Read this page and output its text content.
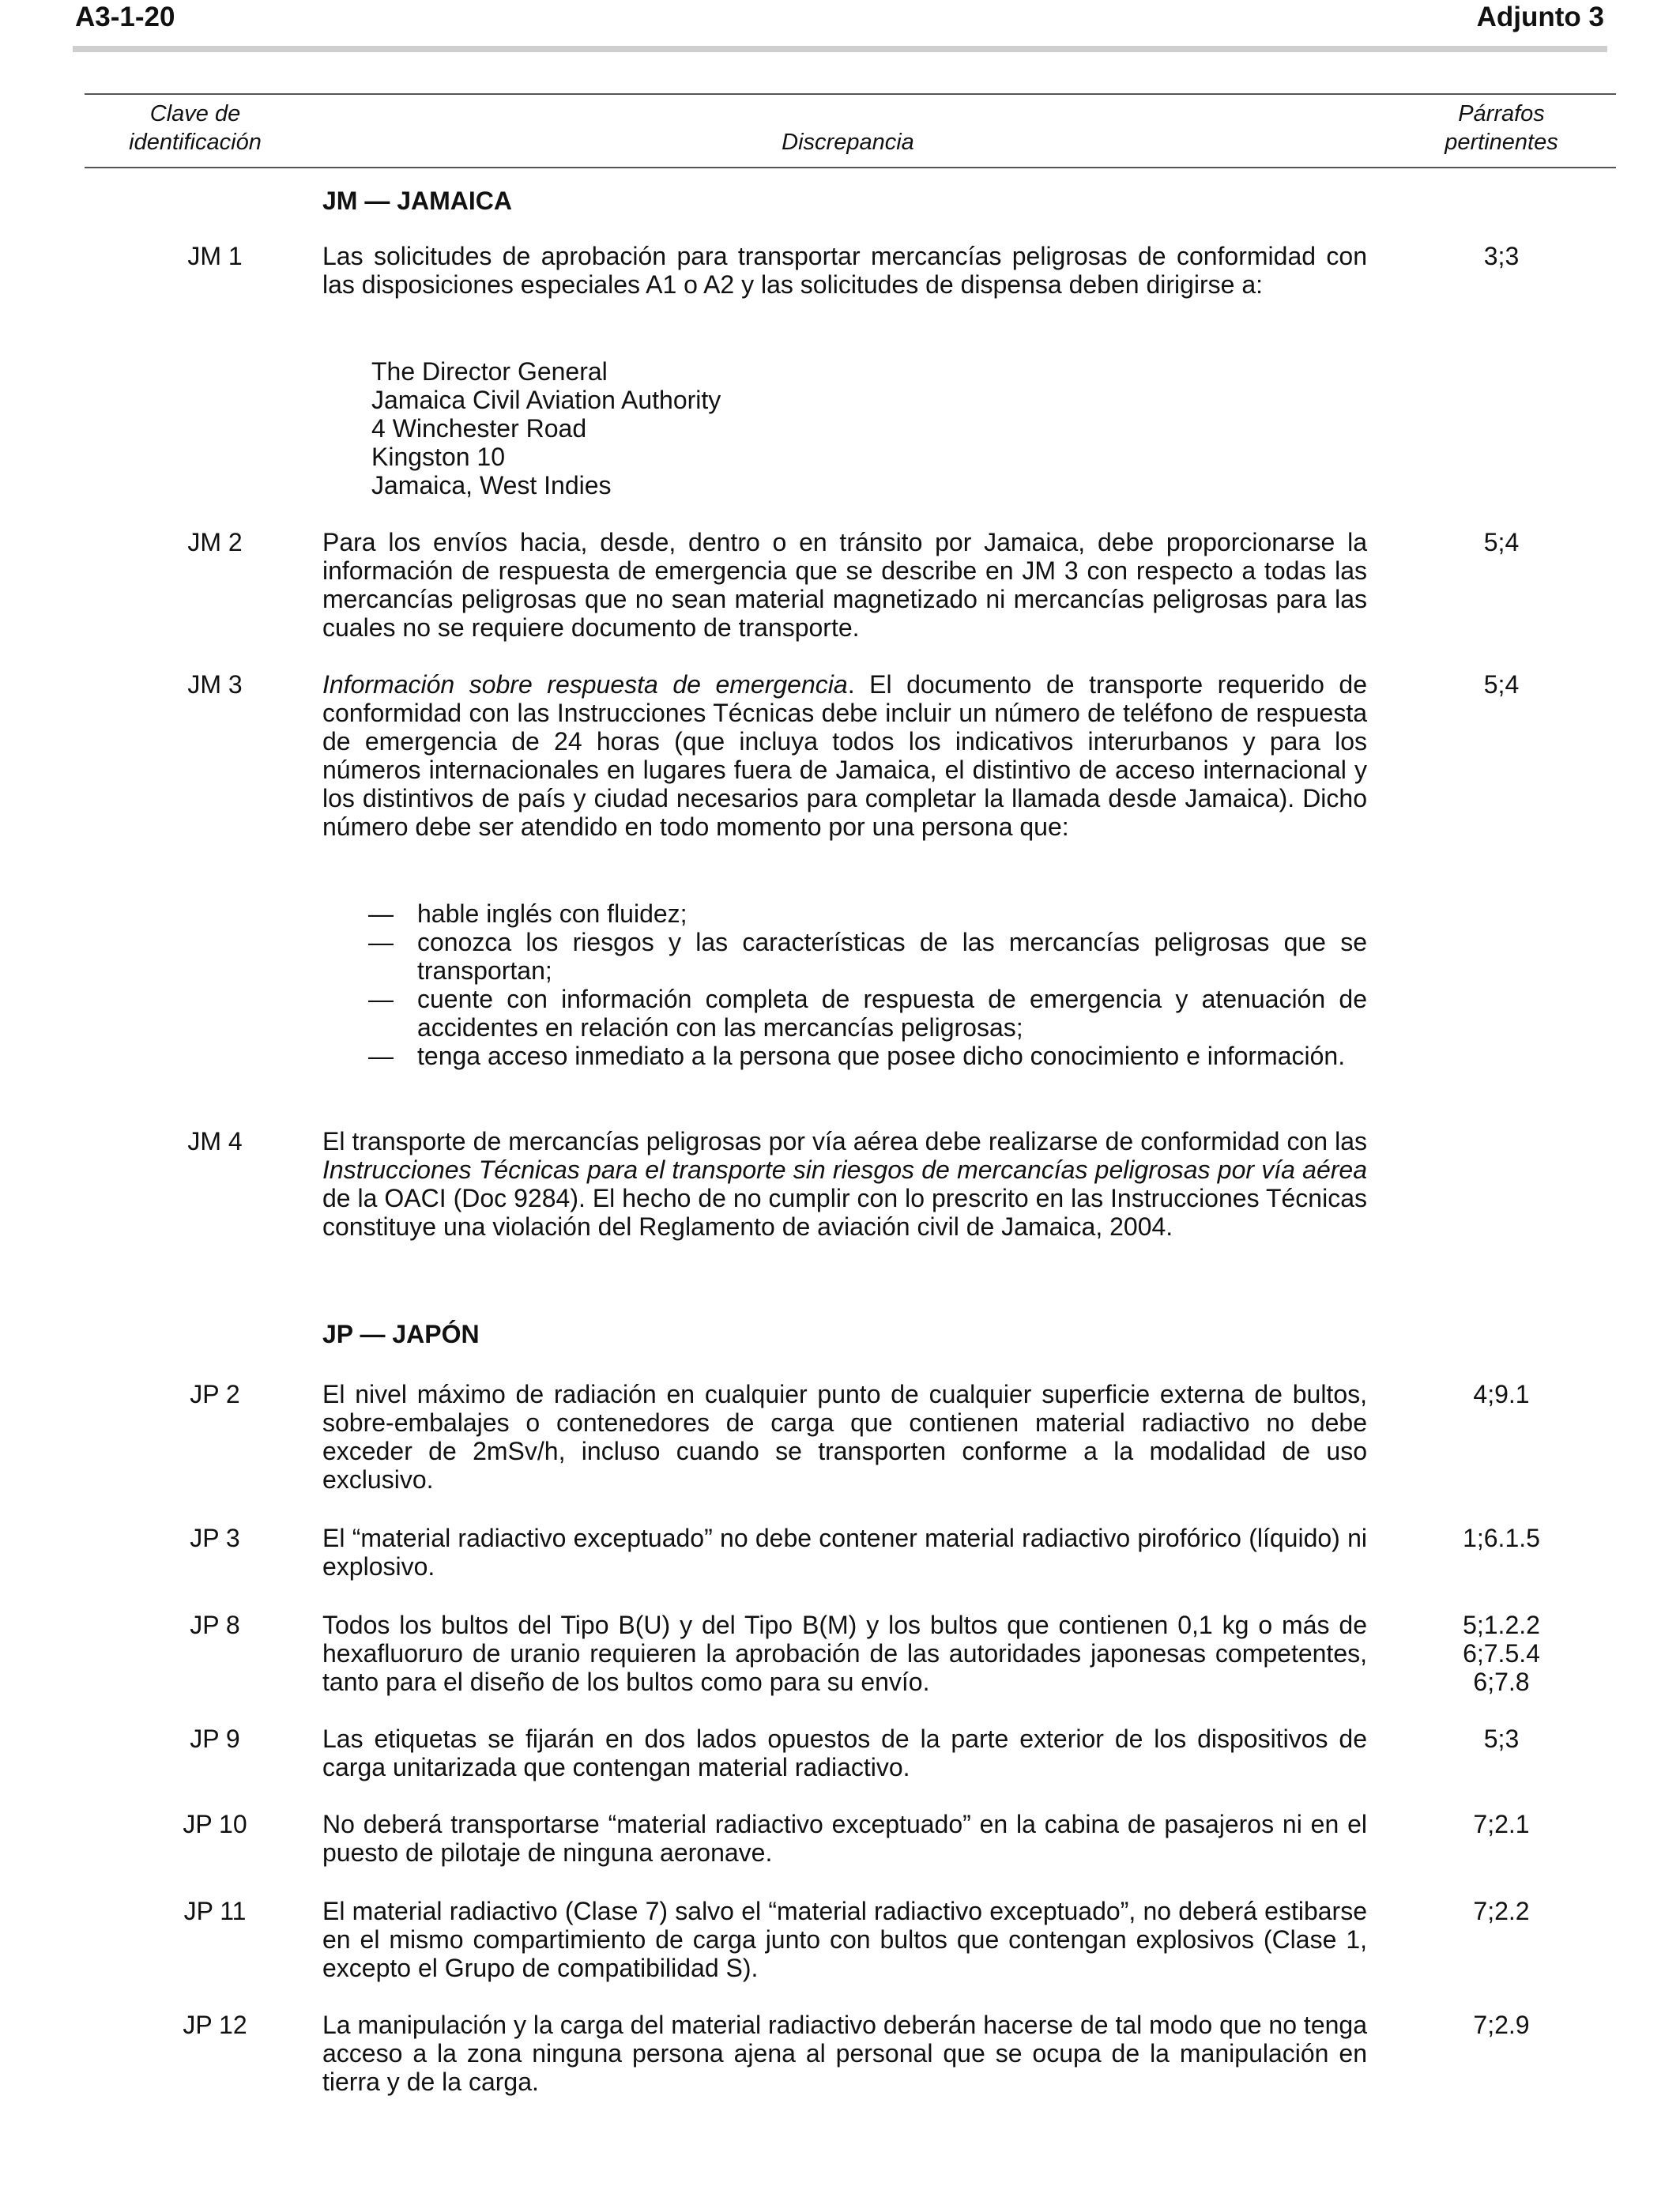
A3-1-20	Adjunto 3
Clave de
identificación	Discrepancia
Párrafos
pertinentes
JM — JAMAICA
JM 1	Las solicitudes de aprobación para transportar mercancías peligrosas de conformidad con las disposiciones especiales A1 o A2 y las solicitudes de dispensa deben dirigirse a:
3;3
The Director General
Jamaica Civil Aviation Authority
4 Winchester Road
Kingston 10
Jamaica, West Indies
JM 2	Para los envíos hacia, desde, dentro o en tránsito por Jamaica, debe proporcionarse la información de respuesta de emergencia que se describe en JM 3 con respecto a todas las mercancías peligrosas que no sean material magnetizado ni mercancías peligrosas para las cuales no se requiere documento de transporte.
5;4
JM 3	Información sobre respuesta de emergencia. El documento de transporte requerido de conformidad con las Instrucciones Técnicas debe incluir un número de teléfono de respuesta de emergencia de 24 horas (que incluya todos los indicativos interurbanos y para los números internacionales en lugares fuera de Jamaica, el distintivo de acceso internacional y los distintivos de país y ciudad necesarios para completar la llamada desde Jamaica). Dicho número debe ser atendido en todo momento por una persona que:
5;4
— hable inglés con fluidez;
— conozca los riesgos y las características de las mercancías peligrosas que se transportan;
— cuente con información completa de respuesta de emergencia y atenuación de accidentes en relación con las mercancías peligrosas;
— tenga acceso inmediato a la persona que posee dicho conocimiento e información.
JM 4	El transporte de mercancías peligrosas por vía aérea debe realizarse de conformidad con las Instrucciones Técnicas para el transporte sin riesgos de mercancías peligrosas por vía aérea de la OACI (Doc 9284). El hecho de no cumplir con lo prescrito en las Instrucciones Técnicas constituye una violación del Reglamento de aviación civil de Jamaica, 2004.
JP — JAPÓN
JP 2	El nivel máximo de radiación en cualquier punto de cualquier superficie externa de bultos, sobre-embalajes o contenedores de carga que contienen material radiactivo no debe exceder de 2mSv/h, incluso cuando se transporten conforme a la modalidad de uso exclusivo.
4;9.1
JP 3	El “material radiactivo exceptuado” no debe contener material radiactivo pirofórico (líquido) ni explosivo.
1;6.1.5
JP 8	Todos los bultos del Tipo B(U) y del Tipo B(M) y los bultos que contienen 0,1 kg o más de hexafluoruro de uranio requieren la aprobación de las autoridades japonesas competentes, tanto para el diseño de los bultos como para su envío.
5;1.2.2
6;7.5.4
6;7.8
JP 9	Las etiquetas se fijarán en dos lados opuestos de la parte exterior de los dispositivos de carga unitarizada que contengan material radiactivo.
5;3
JP 10	No deberá transportarse “material radiactivo exceptuado” en la cabina de pasajeros ni en el puesto de pilotaje de ninguna aeronave.
7;2.1
JP 11	El material radiactivo (Clase 7) salvo el “material radiactivo exceptuado”, no deberá estibarse en el mismo compartimiento de carga junto con bultos que contengan explosivos (Clase 1, excepto el Grupo de compatibilidad S).
7;2.2
JP 12	La manipulación y la carga del material radiactivo deberán hacerse de tal modo que no tenga acceso a la zona ninguna persona ajena al personal que se ocupa de la manipulación en tierra y de la carga.
7;2.9
